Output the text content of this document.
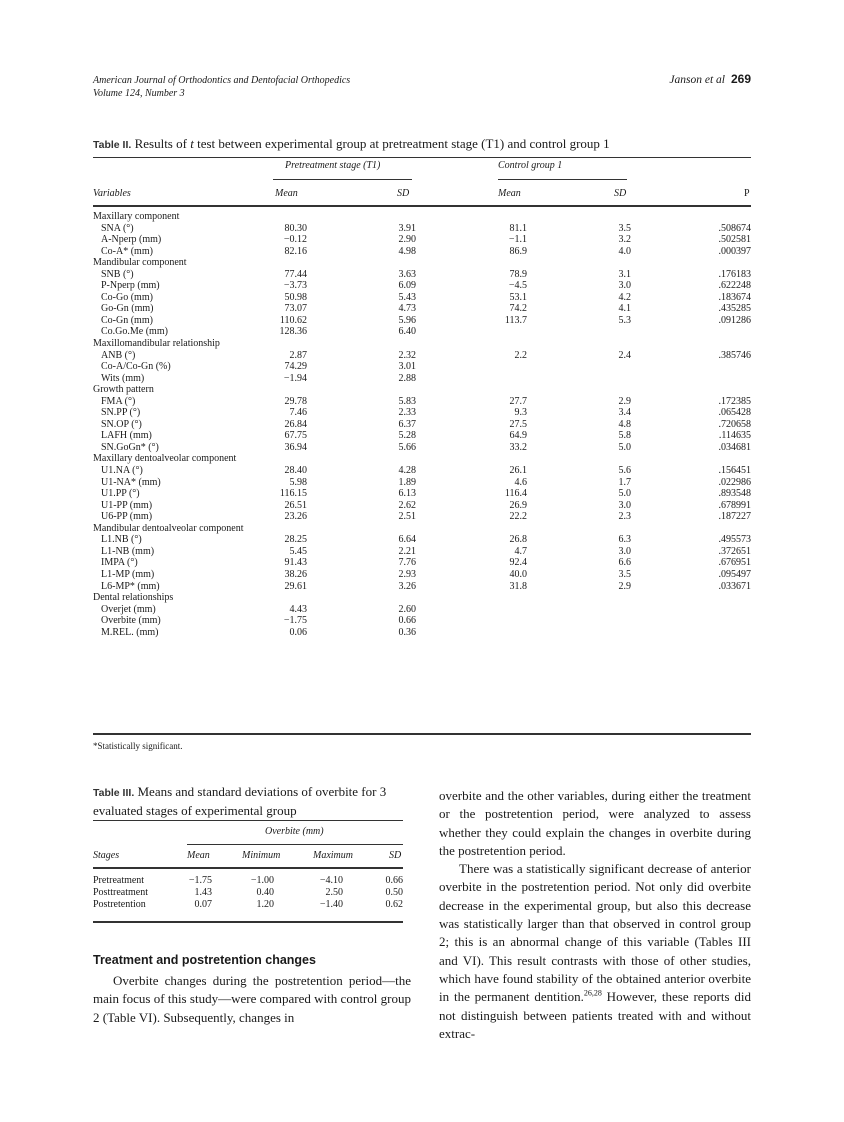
American Journal of Orthodontics and Dentofacial Orthopedics
Volume 124, Number 3
Janson et al 269
Table II. Results of t test between experimental group at pretreatment stage (T1) and control group 1
Pretreatment stage (T1)	Control group 1
Variables	Mean	SD	Mean	SD	P
Maxillary component
SNA (°)	80.30	3.91	81.1	3.5	.508674
A-Nperp (mm)	−0.12	2.90	−1.1	3.2	.502581
Co-A* (mm)	82.16	4.98	86.9	4.0	.000397
Mandibular component
SNB (°)	77.44	3.63	78.9	3.1	.176183
P-Nperp (mm)	−3.73	6.09	−4.5	3.0	.622248
Co-Go (mm)	50.98	5.43	53.1	4.2	.183674
Go-Gn (mm)	73.07	4.73	74.2	4.1	.435285
Co-Gn (mm)	110.62	5.96	113.7	5.3	.091286
Co.Go.Me (mm)	128.36	6.40
Maxillomandibular relationship
ANB (°)	2.87	2.32	2.2	2.4	.385746
Co-A/Co-Gn (%)	74.29	3.01
Wits (mm)	−1.94	2.88
Growth pattern
FMA (°)	29.78	5.83	27.7	2.9	.172385
SN.PP (°)	7.46	2.33	9.3	3.4	.065428
SN.OP (°)	26.84	6.37	27.5	4.8	.720658
LAFH (mm)	67.75	5.28	64.9	5.8	.114635
SN.GoGn* (°)	36.94	5.66	33.2	5.0	.034681
Maxillary dentoalveolar component
U1.NA (°)	28.40	4.28	26.1	5.6	.156451
U1-NA* (mm)	5.98	1.89	4.6	1.7	.022986
U1.PP (°)	116.15	6.13	116.4	5.0	.893548
U1-PP (mm)	26.51	2.62	26.9	3.0	.678991
U6-PP (mm)	23.26	2.51	22.2	2.3	.187227
Mandibular dentoalveolar component
L1.NB (°)	28.25	6.64	26.8	6.3	.495573
L1-NB (mm)	5.45	2.21	4.7	3.0	.372651
IMPA (°)	91.43	7.76	92.4	6.6	.676951
L1-MP (mm)	38.26	2.93	40.0	3.5	.095497
L6-MP* (mm)	29.61	3.26	31.8	2.9	.033671
Dental relationships
Overjet (mm)	4.43	2.60
Overbite (mm)	−1.75	0.66
M.REL. (mm)	0.06	0.36
*Statistically significant.
Table III. Means and standard deviations of overbite for 3 evaluated stages of experimental group
Overbite (mm)
Stages	Mean	Minimum	Maximum	SD
Pretreatment	−1.75	−1.00	−4.10	0.66
Posttreatment	1.43	0.40	2.50	0.50
Postretention	0.07	1.20	−1.40	0.62
Treatment and postretention changes

Overbite changes during the postretention period—the main focus of this study—were compared with control group 2 (Table VI). Subsequently, changes in

overbite and the other variables, during either the treatment or the postretention period, were analyzed to assess whether they could explain the changes in overbite during the postretention period.

There was a statistically significant decrease of anterior overbite in the postretention period. Not only did overbite decrease in the experimental group, but also this decrease was statistically larger than that observed in control group 2; this is an abnormal change of this variable (Tables III and VI). This result contrasts with those of other studies, which have found stability of the obtained anterior overbite in the permanent dentition.$^{26,28}$ However, these reports did not distinguish between patients treated with and without extrac-
